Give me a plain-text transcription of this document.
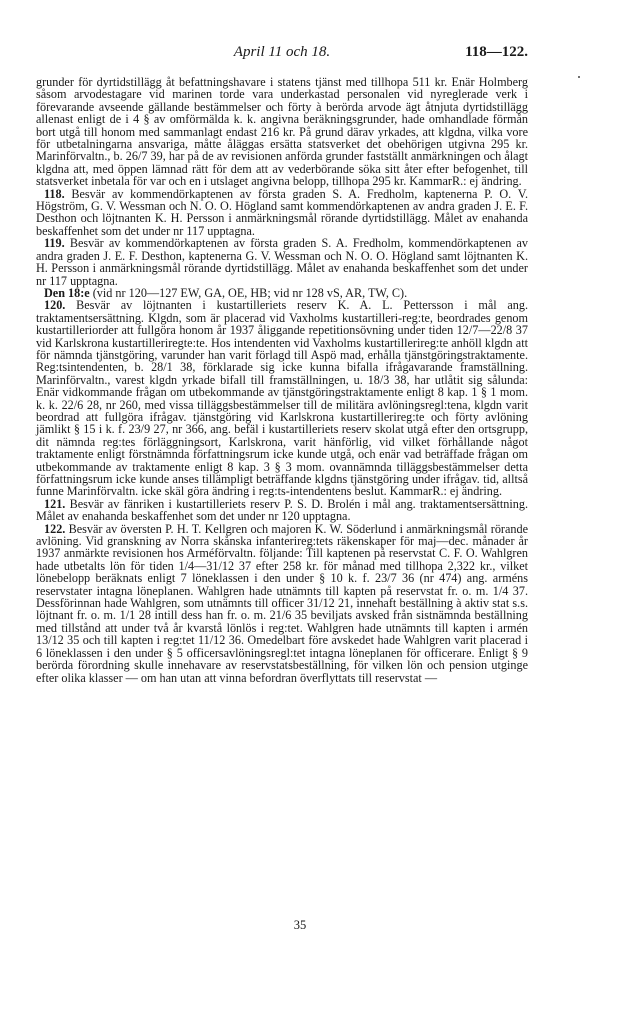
April 11 och 18.	118—122.

grunder för dyrtidstillägg åt befattningshavare i statens tjänst med tillhopa 511 kr. Enär Holmberg såsom arvodestagare vid marinen torde vara underkastad personalen vid nyreglerade verk i förevarande avseende gällande bestämmelser och förty à berörda arvode ägt åtnjuta dyrtidstillägg allenast enligt de i 4 § av omförmälda k. k. angivna beräkningsgrunder, hade omhandlade förmån bort utgå till honom med sammanlagt endast 216 kr. På grund därav yrkades, att klgdna, vilka vore för utbetalningarna ansvariga, måtte åläggas ersätta statsverket det obehörigen utgivna 295 kr. Marinförvaltn., b. 26/7 39, har på de av revisionen anförda grunder fastställt anmärkningen och ålagt klgdna att, med öppen lämnad rätt för dem att av vederbörande söka sitt åter efter befogenhet, till statsverket inbetala för var och en i utslaget angivna belopp, tillhopa 295 kr. KammarR.: ej ändring.

118. Besvär av kommendörkaptenen av första graden S. A. Fredholm, kaptenerna P. O. V. Högström, G. V. Wessman och N. O. O. Högland samt kommendörkaptenen av andra graden J. E. F. Desthon och löjtnanten K. H. Persson i anmärkningsmål rörande dyrtidstillägg. Målet av enahanda beskaffenhet som det under nr 117 upptagna.

119. Besvär av kommendörkaptenen av första graden S. A. Fredholm, kommendörkaptenen av andra graden J. E. F. Desthon, kaptenerna G. V. Wessman och N. O. O. Högland samt löjtnanten K. H. Persson i anmärkningsmål rörande dyrtidstillägg. Målet av enahanda beskaffenhet som det under nr 117 upptagna.

Den 18:e (vid nr 120—127 EW, GA, OE, HB; vid nr 128 vS, AR, TW, C).

120. Besvär av löjtnanten i kustartilleriets reserv K. A. L. Pettersson i mål ang. traktamentsersättning. Klgdn, som är placerad vid Vaxholms kustartilleri-reg:te, beordrades genom kustartilleriorder att fullgöra honom år 1937 åliggande repetitionsövning under tiden 12/7—22/8 37 vid Karlskrona kustartilleriregte:te. Hos intendenten vid Vaxholms kustartillerireg:te anhöll klgdn att för nämnda tjänstgöring, varunder han varit förlagd till Aspö mad, erhålla tjänstgöringstraktamente. Reg:tsintendenten, b. 28/1 38, förklarade sig icke kunna bifalla ifrågavarande framställning. Marinförvaltn., varest klgdn yrkade bifall till framställningen, u. 18/3 38, har utlåtit sig sålunda: Enär vidkommande frågan om utbekommande av tjänstgöringstraktamente enligt 8 kap. 1 § 1 mom. k. k. 22/6 28, nr 260, med vissa tilläggsbestämmelser till de militära avlöningsregl:tena, klgdn varit beordrad att fullgöra ifrågav. tjänstgöring vid Karlskrona kustartillerireg:te och förty avlöning jämlikt § 15 i k. f. 23/9 27, nr 366, ang. befäl i kustartilleriets reserv skolat utgå efter den ortsgrupp, dit nämnda reg:tes förläggningsort, Karlskrona, varit hänförlig, vid vilket förhållande något traktamente enligt förstnämnda författningsrum icke kunde utgå, och enär vad beträffade frågan om utbekommande av traktamente enligt 8 kap. 3 § 3 mom. ovannämnda tilläggsbestämmelser detta författningsrum icke kunde anses tillämpligt beträffande klgdns tjänstgöring under ifrågav. tid, alltså funne Marinförvaltn. icke skäl göra ändring i reg:ts-intendentens beslut. KammarR.: ej ändring.

121. Besvär av fänriken i kustartilleriets reserv P. S. D. Brolén i mål ang. traktamentsersättning. Målet av enahanda beskaffenhet som det under nr 120 upptagna.

122. Besvär av översten P. H. T. Kellgren och majoren K. W. Söderlund i anmärkningsmål rörande avlöning. Vid granskning av Norra skånska infanterireg:tets räkenskaper för maj—dec. månader år 1937 anmärkte revisionen hos Arméförvaltn. följande: Till kaptenen på reservstat C. F. O. Wahlgren hade utbetalts lön för tiden 1/4—31/12 37 efter 258 kr. för månad med tillhopa 2,322 kr., vilket lönebelopp beräknats enligt 7 löneklassen i den under § 10 k. f. 23/7 36 (nr 474) ang. arméns reservstater intagna löneplanen. Wahlgren hade utnämnts till kapten på reservstat fr. o. m. 1/4 37. Dessförinnan hade Wahlgren, som utnämnts till officer 31/12 21, innehaft beställning à aktiv stat s.s. löjtnant fr. o. m. 1/1 28 intill dess han fr. o. m. 21/6 35 beviljats avsked från sistnämnda beställning med tillstånd att under två år kvarstå lönlös i reg:tet. Wahlgren hade utnämnts till kapten i armén 13/12 35 och till kapten i reg:tet 11/12 36. Omedelbart före avskedet hade Wahlgren varit placerad i 6 löneklassen i den under § 5 officersavlöningsregl:tet intagna löneplanen för officerare. Enligt § 9 berörda förordning skulle innehavare av reservstatsbeställning, för vilken lön och pension utginge efter olika klasser — om han utan att vinna befordran överflyttats till reservstat —

35
